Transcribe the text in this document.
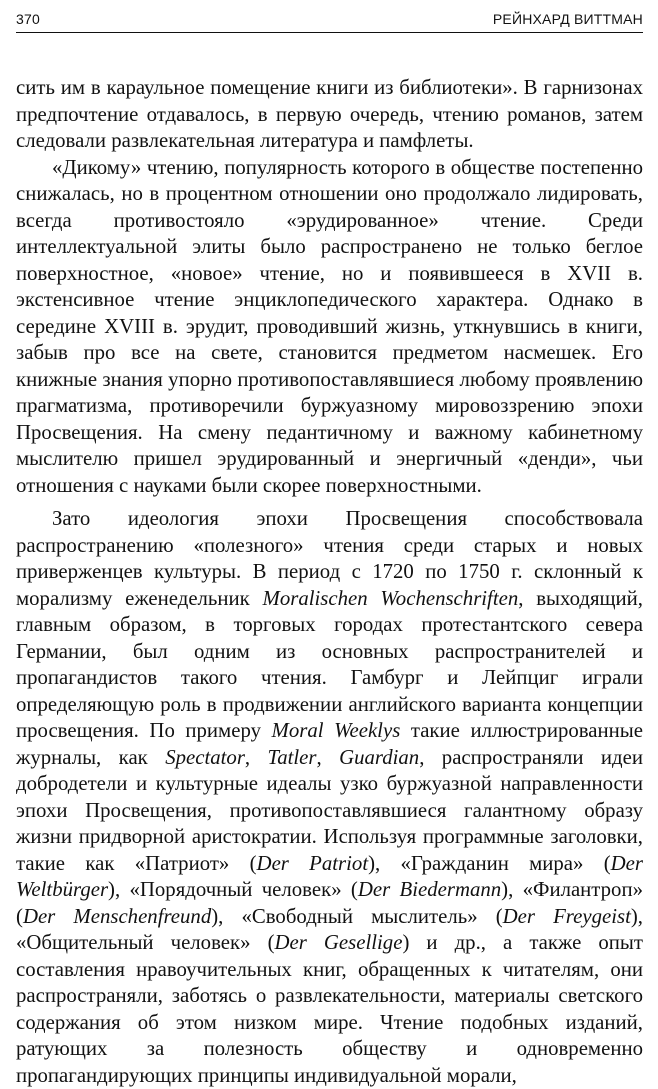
370	РЕЙНХАРД ВИТТМАН

сить им в караульное помещение книги из библиотеки». В гарнизонах предпочтение отдавалось, в первую очередь, чтению романов, затем следовали развлекательная литература и памфлеты.

«Дикому» чтению, популярность которого в обществе постепенно снижалась, но в процентном отношении оно продолжало лидировать, всегда противостояло «эрудированное» чтение. Среди интеллектуальной элиты было распространено не только беглое поверхностное, «новое» чтение, но и появившееся в XVII в. экстенсивное чтение энциклопедического характера. Однако в середине XVIII в. эрудит, проводивший жизнь, уткнувшись в книги, забыв про все на свете, становится предметом насмешек. Его книжные знания упорно противопоставлявшиеся любому проявлению прагматизма, противоречили буржуазному мировоззрению эпохи Просвещения. На смену педантичному и важному кабинетному мыслителю пришел эрудированный и энергичный «денди», чьи отношения с науками были скорее поверхностными.

Зато идеология эпохи Просвещения способствовала распространению «полезного» чтения среди старых и новых приверженцев культуры. В период с 1720 по 1750 г. склонный к морализму еженедельник Moralischen Wochenschriften, выходящий, главным образом, в торговых городах протестантского севера Германии, был одним из основных распространителей и пропагандистов такого чтения. Гамбург и Лейпциг играли определяющую роль в продвижении английского варианта концепции просвещения. По примеру Moral Weeklys такие иллюстрированные журналы, как Spectator, Tatler, Guardian, распространяли идеи добродетели и культурные идеалы узко буржуазной направленности эпохи Просвещения, противопоставлявшиеся галантному образу жизни придворной аристократии. Используя программные заголовки, такие как «Патриот» (Der Patriot), «Гражданин мира» (Der Weltbürger), «Порядочный человек» (Der Biedermann), «Филантроп» (Der Menschenfreund), «Свободный мыслитель» (Der Freygeist), «Общительный человек» (Der Gesellige) и др., а также опыт составления нравоучительных книг, обращенных к читателям, они распространяли, заботясь о развлекательности, материалы светского содержания об этом низком мире. Чтение подобных изданий, ратующих за полезность обществу и одновременно пропагандирующих принципы индивидуальной морали,
